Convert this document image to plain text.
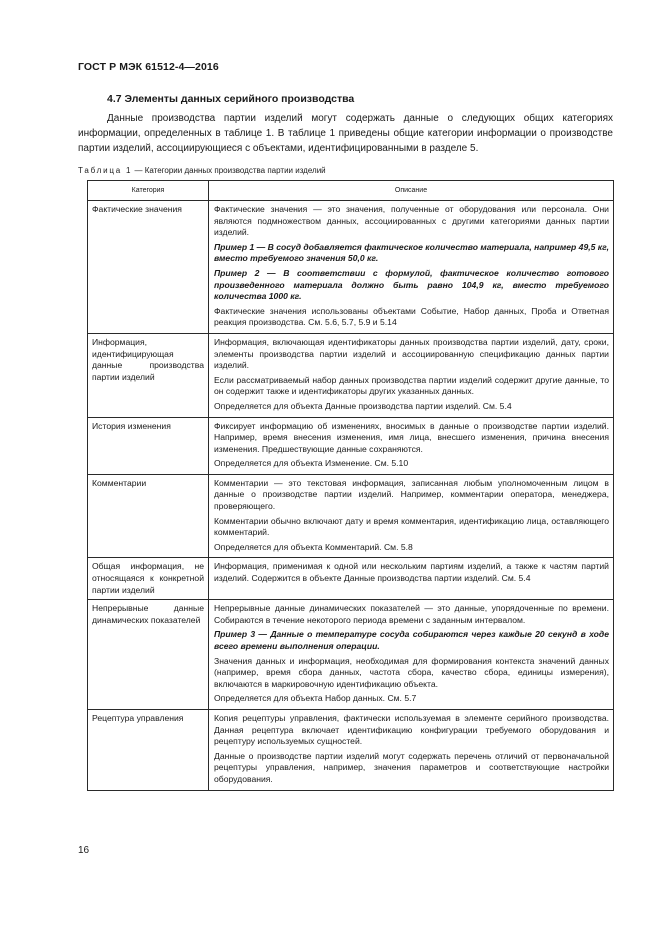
ГОСТ Р МЭК 61512-4—2016
4.7 Элементы данных серийного производства

Данные производства партии изделий могут содержать данные о следующих общих категориях информации, определенных в таблице 1. В таблице 1 приведены общие категории информации о производстве партии изделий, ассоциирующиеся с объектами, идентифицированными в разделе 5.

Таблица 1 — Категории данных производства партии изделий
Категория	Описание
Фактические значения	Фактические значения — это значения, полученные от оборудования или персонала. Они являются подмножеством данных, ассоциированных с другими категориями данных партии изделий.

Пример 1 — В сосуд добавляется фактическое количество материала, например 49,5 кг, вместо требуемого значения 50,0 кг.

Пример 2 — В соответствии с формулой, фактическое количество готового произведенного материала должно быть равно 104,9 кг, вместо требуемого количества 1000 кг.

Фактические значения использованы объектами Событие, Набор данных, Проба и Ответная реакция производства. См. 5.6, 5.7, 5.9 и 5.14

Информация, идентифицирующая данные производства партии изделий	Информация, включающая идентификаторы данных производства партии изделий, дату, сроки, элементы производства партии изделий и ассоциированную спецификацию данных партии изделий.

Если рассматриваемый набор данных производства партии изделий содержит другие данные, то он содержит также и идентификаторы других указанных данных.

Определяется для объекта Данные производства партии изделий. См. 5.4

История изменения	Фиксирует информацию об изменениях, вносимых в данные о производстве партии изделий. Например, время внесения изменения, имя лица, внесшего изменения, причина внесения изменения. Предшествующие данные сохраняются.

Определяется для объекта Изменение. См. 5.10

Комментарии	Комментарии — это текстовая информация, записанная любым уполномоченным лицом в данные о производстве партии изделий. Например, комментарии оператора, менеджера, проверяющего.

Комментарии обычно включают дату и время комментария, идентификацию лица, оставляющего комментарий.

Определяется для объекта Комментарий. См. 5.8

Общая информация, не относящаяся к конкретной партии изделий	Информация, применимая к одной или нескольким партиям изделий, а также к частям партий изделий. Содержится в объекте Данные производства партии изделий. См. 5.4

Непрерывные данные динамических показателей	Непрерывные данные динамических показателей — это данные, упорядоченные по времени. Собираются в течение некоторого периода времени с заданным интервалом.

Пример 3 — Данные о температуре сосуда собираются через каждые 20 секунд в ходе всего времени выполнения операции.

Значения данных и информация, необходимая для формирования контекста значений данных (например, время сбора данных, частота сбора, качество сбора, единицы измерения), включаются в маркировочную идентификацию объекта.

Определяется для объекта Набор данных. См. 5.7

Рецептура управления	Копия рецептуры управления, фактически используемая в элементе серийного производства. Данная рецептура включает идентификацию конфигурации требуемого оборудования и рецептуру используемых сущностей.

Данные о производстве партии изделий могут содержать перечень отличий от первоначальной рецептуры управления, например, значения параметров и соответствующие настройки оборудования.

16
